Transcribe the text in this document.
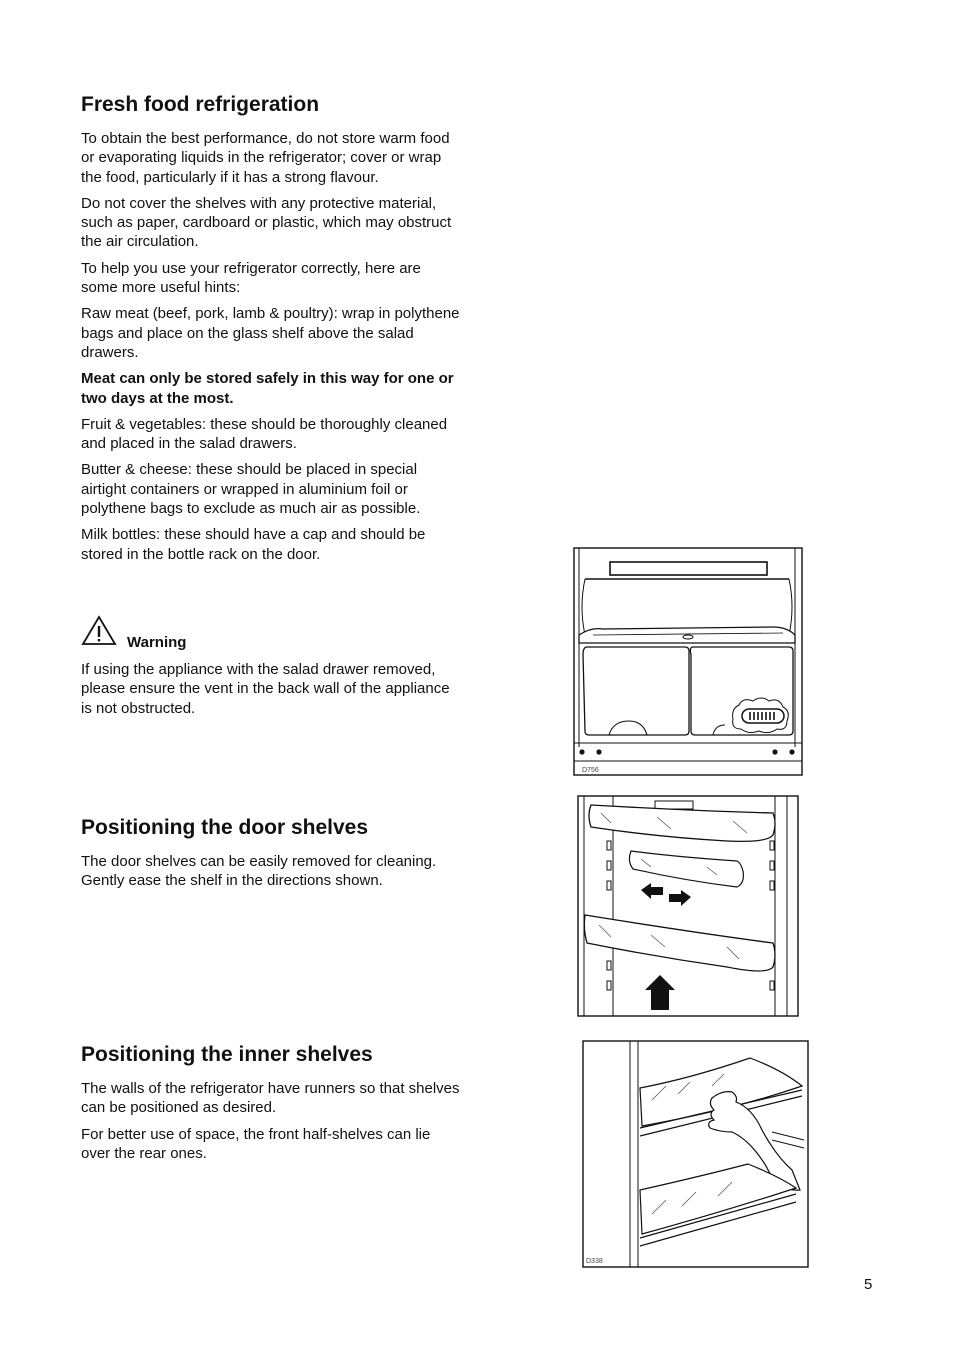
Fresh food refrigeration

To obtain the best performance, do not store warm food or evaporating liquids in the refrigerator; cover or wrap the food, particularly if it has a strong flavour.

Do not cover the shelves with any protective material, such as paper, cardboard or plastic, which may obstruct the air circulation.

To help you use your refrigerator correctly, here are some more useful hints:

Raw meat (beef, pork, lamb & poultry): wrap in polythene bags and place on the glass shelf above the salad drawers.

Meat can only be stored safely in this way for one or two days at the most.

Fruit & vegetables: these should be thoroughly cleaned and placed in the salad drawers.

Butter & cheese: these should be placed in special airtight containers or wrapped in aluminium foil or polythene bags to exclude as much air as possible.

Milk bottles: these should have a cap and should be stored in the bottle rack on the door.

Warning

If using the appliance with the salad drawer removed, please ensure the vent in the back wall of the appliance is not obstructed.

Positioning the door shelves

The door shelves can be easily removed for cleaning. Gently ease the shelf in the directions shown.

Positioning the inner shelves

The walls of the refrigerator have runners so that shelves can be positioned as desired.

For better use of space, the front half-shelves can lie over the rear ones.

D756
D338
5
